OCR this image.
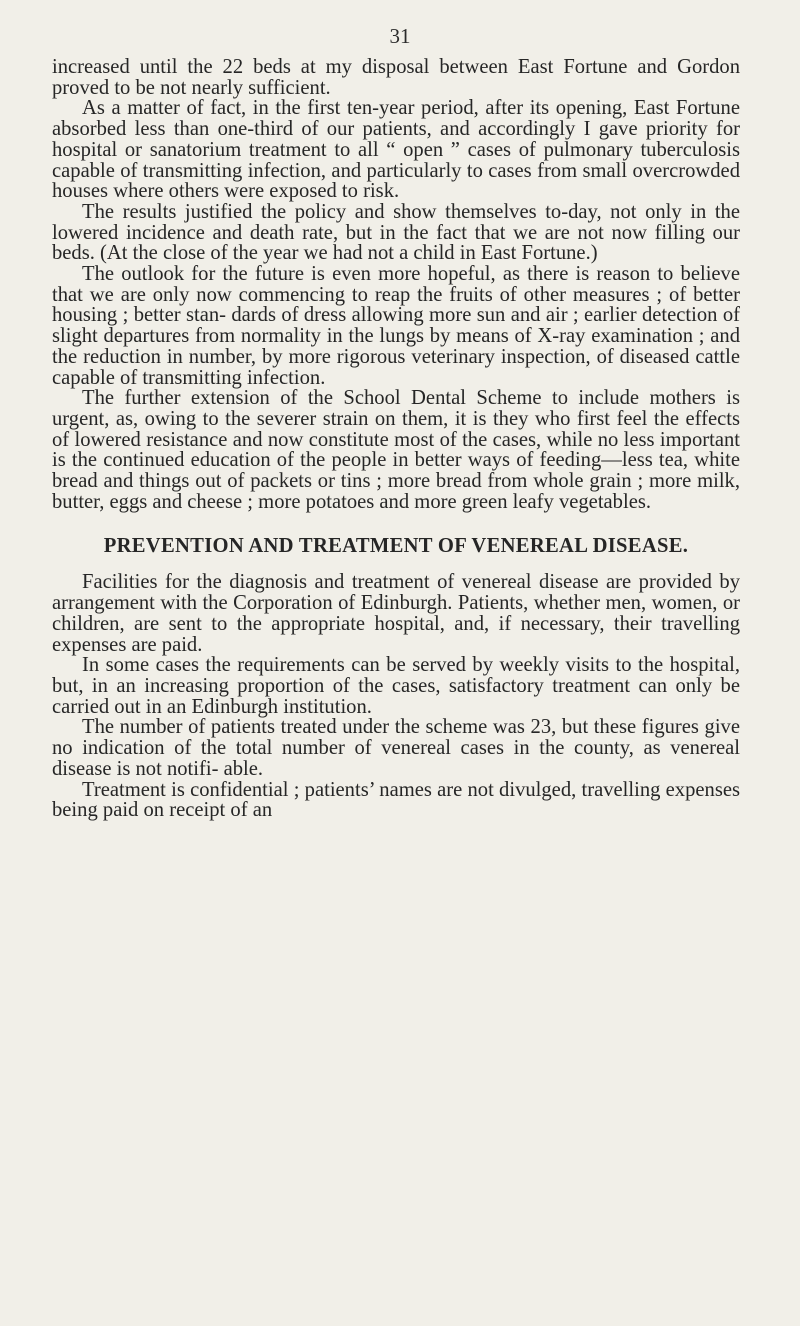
31

increased until the 22 beds at my disposal between East Fortune and Gordon proved to be not nearly sufficient.

As a matter of fact, in the first ten-year period, after its opening, East Fortune absorbed less than one-third of our patients, and accordingly I gave priority for hospital or sanatorium treatment to all “ open ” cases of pulmonary tuberculosis capable of transmitting infection, and particularly to cases from small overcrowded houses where others were exposed to risk.

The results justified the policy and show themselves to-day, not only in the lowered incidence and death rate, but in the fact that we are not now filling our beds. (At the close of the year we had not a child in East Fortune.)

The outlook for the future is even more hopeful, as there is reason to believe that we are only now commencing to reap the fruits of other measures ; of better housing ; better stan- dards of dress allowing more sun and air ; earlier detection of slight departures from normality in the lungs by means of X-ray examination ; and the reduction in number, by more rigorous veterinary inspection, of diseased cattle capable of transmitting infection.

The further extension of the School Dental Scheme to include mothers is urgent, as, owing to the severer strain on them, it is they who first feel the effects of lowered resistance and now constitute most of the cases, while no less important is the continued education of the people in better ways of feeding—less tea, white bread and things out of packets or tins ; more bread from whole grain ; more milk, butter, eggs and cheese ; more potatoes and more green leafy vegetables.

PREVENTION AND TREATMENT OF VENEREAL DISEASE.

Facilities for the diagnosis and treatment of venereal disease are provided by arrangement with the Corporation of Edinburgh. Patients, whether men, women, or children, are sent to the appropriate hospital, and, if necessary, their travelling expenses are paid.

In some cases the requirements can be served by weekly visits to the hospital, but, in an increasing proportion of the cases, satisfactory treatment can only be carried out in an Edinburgh institution.

The number of patients treated under the scheme was 23, but these figures give no indication of the total number of venereal cases in the county, as venereal disease is not notifi- able.

Treatment is confidential ; patients’ names are not divulged, travelling expenses being paid on receipt of an
